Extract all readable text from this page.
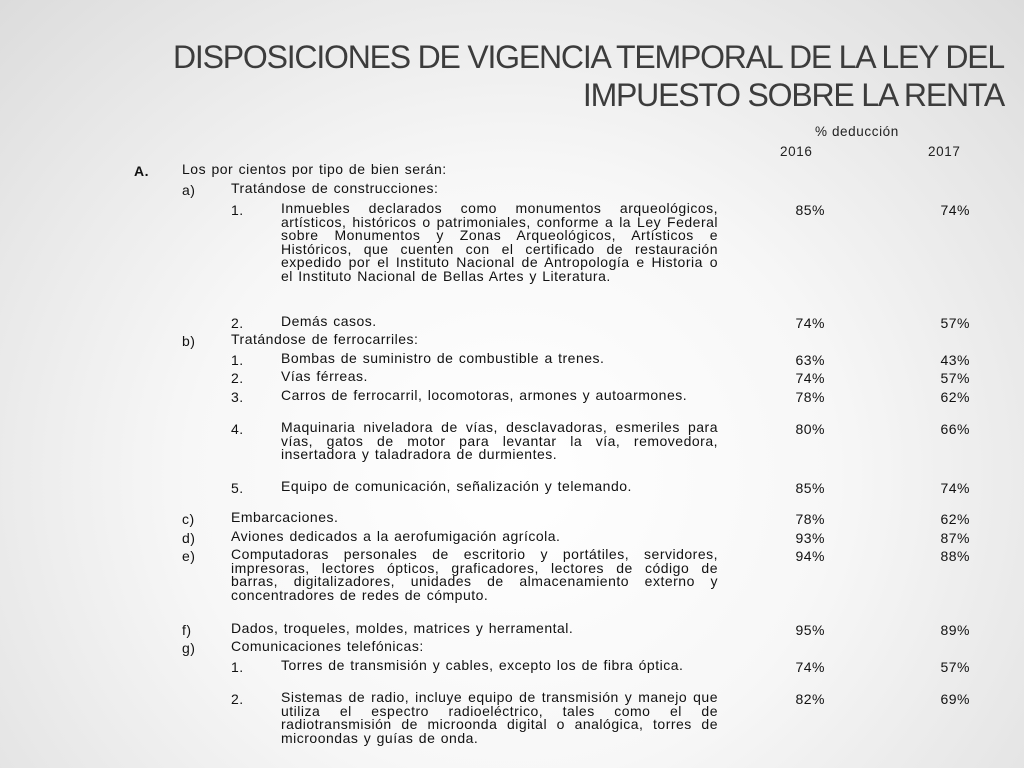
DISPOSICIONES DE VIGENCIA TEMPORAL DE LA LEY DEL
IMPUESTO SOBRE LA RENTA
% deducción
2016	2017
A. Los por cientos por tipo de bien serán:
a)	Tratándose de construcciones:
1.	Inmuebles declarados como monumentos arqueológicos, artísticos, históricos o patrimoniales, conforme a la Ley Federal sobre Monumentos y Zonas Arqueológicos, Artísticos e Históricos, que cuenten con el certificado de restauración expedido por el Instituto Nacional de Antropología e Historia o el Instituto Nacional de Bellas Artes y Literatura.
85%	74%
2.	Demás casos.	74%	57%
b)	Tratándose de ferrocarriles:
1.	Bombas de suministro de combustible a trenes.	63%	43%
2.	Vías férreas.	74%	57%
3.	Carros de ferrocarril, locomotoras, armones y autoarmones.	78%	62%
4.	Maquinaria niveladora de vías, desclavadoras, esmeriles para vías, gatos de motor para levantar la vía, removedora, insertadora y taladradora de durmientes.
80%	66%
5.	Equipo de comunicación, señalización y telemando.	85%	74%
c)	Embarcaciones.	78%	62%
d)	Aviones dedicados a la aerofumigación agrícola.	93%	87%
e)	Computadoras personales de escritorio y portátiles, servidores, impresoras, lectores ópticos, graficadores, lectores de código de barras, digitalizadores, unidades de almacenamiento externo y concentradores de redes de cómputo.
94%	88%
f)	Dados, troqueles, moldes, matrices y herramental.	95%	89%
g)	Comunicaciones telefónicas:
1.	Torres de transmisión y cables, excepto los de fibra óptica.	74%	57%
2.	Sistemas de radio, incluye equipo de transmisión y manejo que utiliza el espectro radioeléctrico, tales como el de radiotransmisión de microonda digital o analógica, torres de microondas y guías de onda.
82%	69%
